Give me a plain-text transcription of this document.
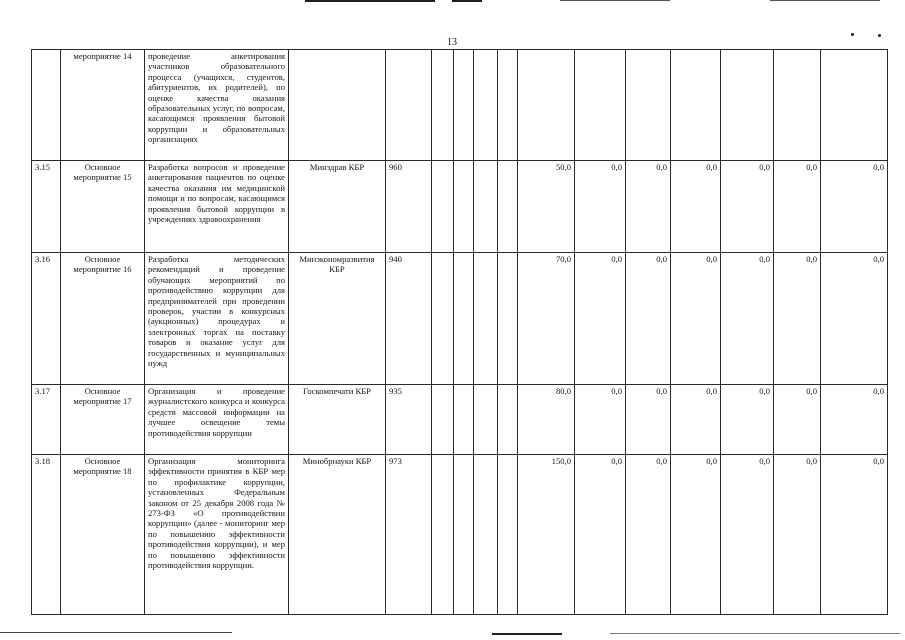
13
	мероприятие 14	проведение анкетирования участников образовательного процесса (учащихся, студентов, абитуриентов, их родителей), по оценке качества оказания образовательных услуг, по вопросам, касающимся проявления бытовой коррупции и образовательных организациях													
3.15	Основное мероприятие 15	Разработка вопросов и проведение анкетирования пациентов по оценке качества оказания им медицинской помощи и по вопросам, касающимся проявления бытовой коррупции в учреждениях здравоохранения	Минздрав КБР	960					50,0	0,0	0,0	0,0	0,0	0,0	0,0
3.16	Основное мероприятие 16	Разработка методических рекомендаций и проведение обучающих мероприятий по противодействию коррупции для предпринимателей при проведении проверок, участии в конкурсных (аукционных) процедурах и электронных торгах на поставку товаров и оказание услуг для государственных и муниципальных нужд	Минэкономразвития КБР	940					70,0	0,0	0,0	0,0	0,0	0,0	0,0
3.17	Основное мероприятие 17	Организация и проведение журналистского конкурса и конкурса средств массовой информации на лучшее освещение темы противодействия коррупции	Госкомпечати КБР	935					80,0	0,0	0,0	0,0	0,0	0,0	0,0
3.18	Основное мероприятие 18	Организация мониторинга эффективности принятия в КБР мер по профилактике коррупции, установленных Федеральным законом от 25 декабря 2008 года № 273-ФЗ «О противодействии коррупции» (далее - мониторинг мер по повышению эффективности противодействия коррупции), и мер по повышению эффективности противодействия коррупции.	Минобрнауки КБР	973					150,0	0,0	0,0	0,0	0,0	0,0	0,0
